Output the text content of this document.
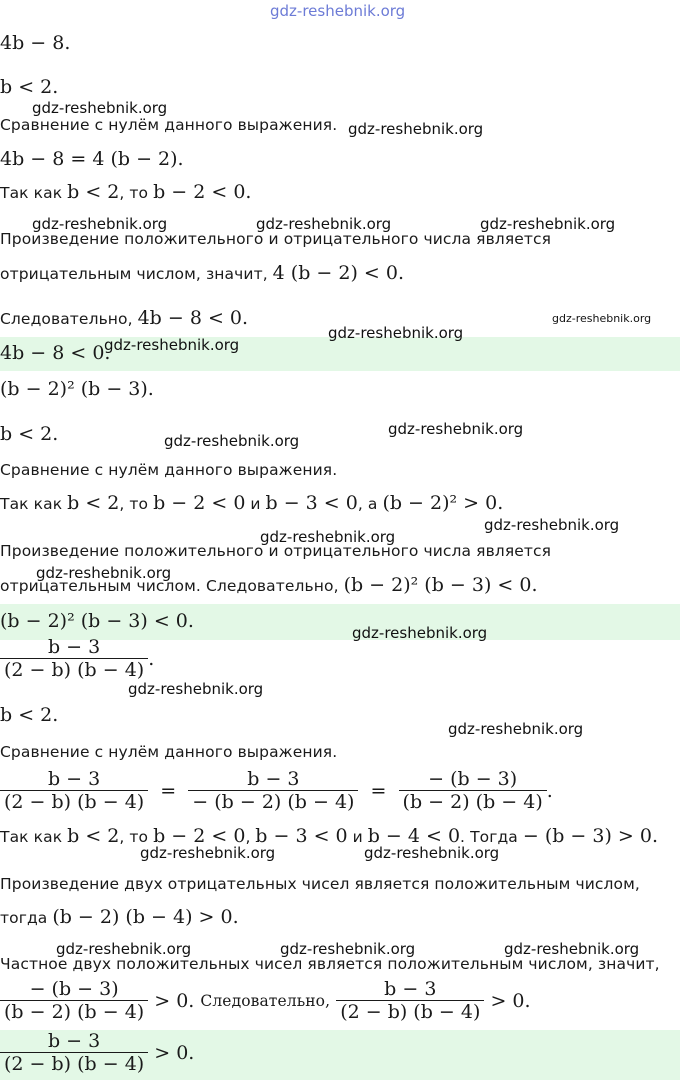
4b − 8.
b < 2.
Сравнение с нулём данного выражения.
4b − 8 = 4 (b − 2).
Так как b < 2, то b − 2 < 0.
Произведение положительного и отрицательного числа является
отрицательным числом, значит, 4 (b − 2) < 0.
Следовательно, 4b − 8 < 0.
4b − 8 < 0.
(b − 2)² (b − 3).
b < 2.
Сравнение с нулём данного выражения.
Так как b < 2, то b − 2 < 0 и b − 3 < 0, а (b − 2)² > 0.
Произведение положительного и отрицательного числа является
отрицательным числом. Следовательно, (b − 2)² (b − 3) < 0.
(b − 2)² (b − 3) < 0.
$\frac{b - 3}{(2 - b) (b - 4)}$ .
b < 2.
Сравнение с нулём данного выражения.
$\frac{b - 3}{(2 - b) (b - 4)} = \frac{b - 3}{- (b - 2) (b - 4)} = \frac{- (b - 3)}{(b - 2) (b - 4)}$ .
Так как b < 2, то b − 2 < 0, b − 3 < 0 и b − 4 < 0. Тогда − (b − 3) > 0.
Произведение двух отрицательных чисел является положительным числом,
тогда (b − 2) (b − 4) > 0.
Частное двух положительных чисел является положительным числом, значит,
$\frac{- (b - 3)}{(b - 2) (b - 4)} > 0$. Следовательно, $\frac{b - 3}{(2 - b) (b - 4)} > 0$.
$\frac{b - 3}{(2 - b) (b - 4)} > 0$.
gdz-reshebnik.org
gdz-reshebnik.org
gdz-reshebnik.org
gdz-reshebnik.org	gdz-reshebnik.org	gdz-reshebnik.org
gdz-reshebnik.org
gdz-reshebnik.org
gdz-reshebnik.org
gdz-reshebnik.org
gdz-reshebnik.org
gdz-reshebnik.org
gdz-reshebnik.org
gdz-reshebnik.org
gdz-reshebnik.org
gdz-reshebnik.org
gdz-reshebnik.org
gdz-reshebnik.org	gdz-reshebnik.org
gdz-reshebnik.org	gdz-reshebnik.org	gdz-reshebnik.org
